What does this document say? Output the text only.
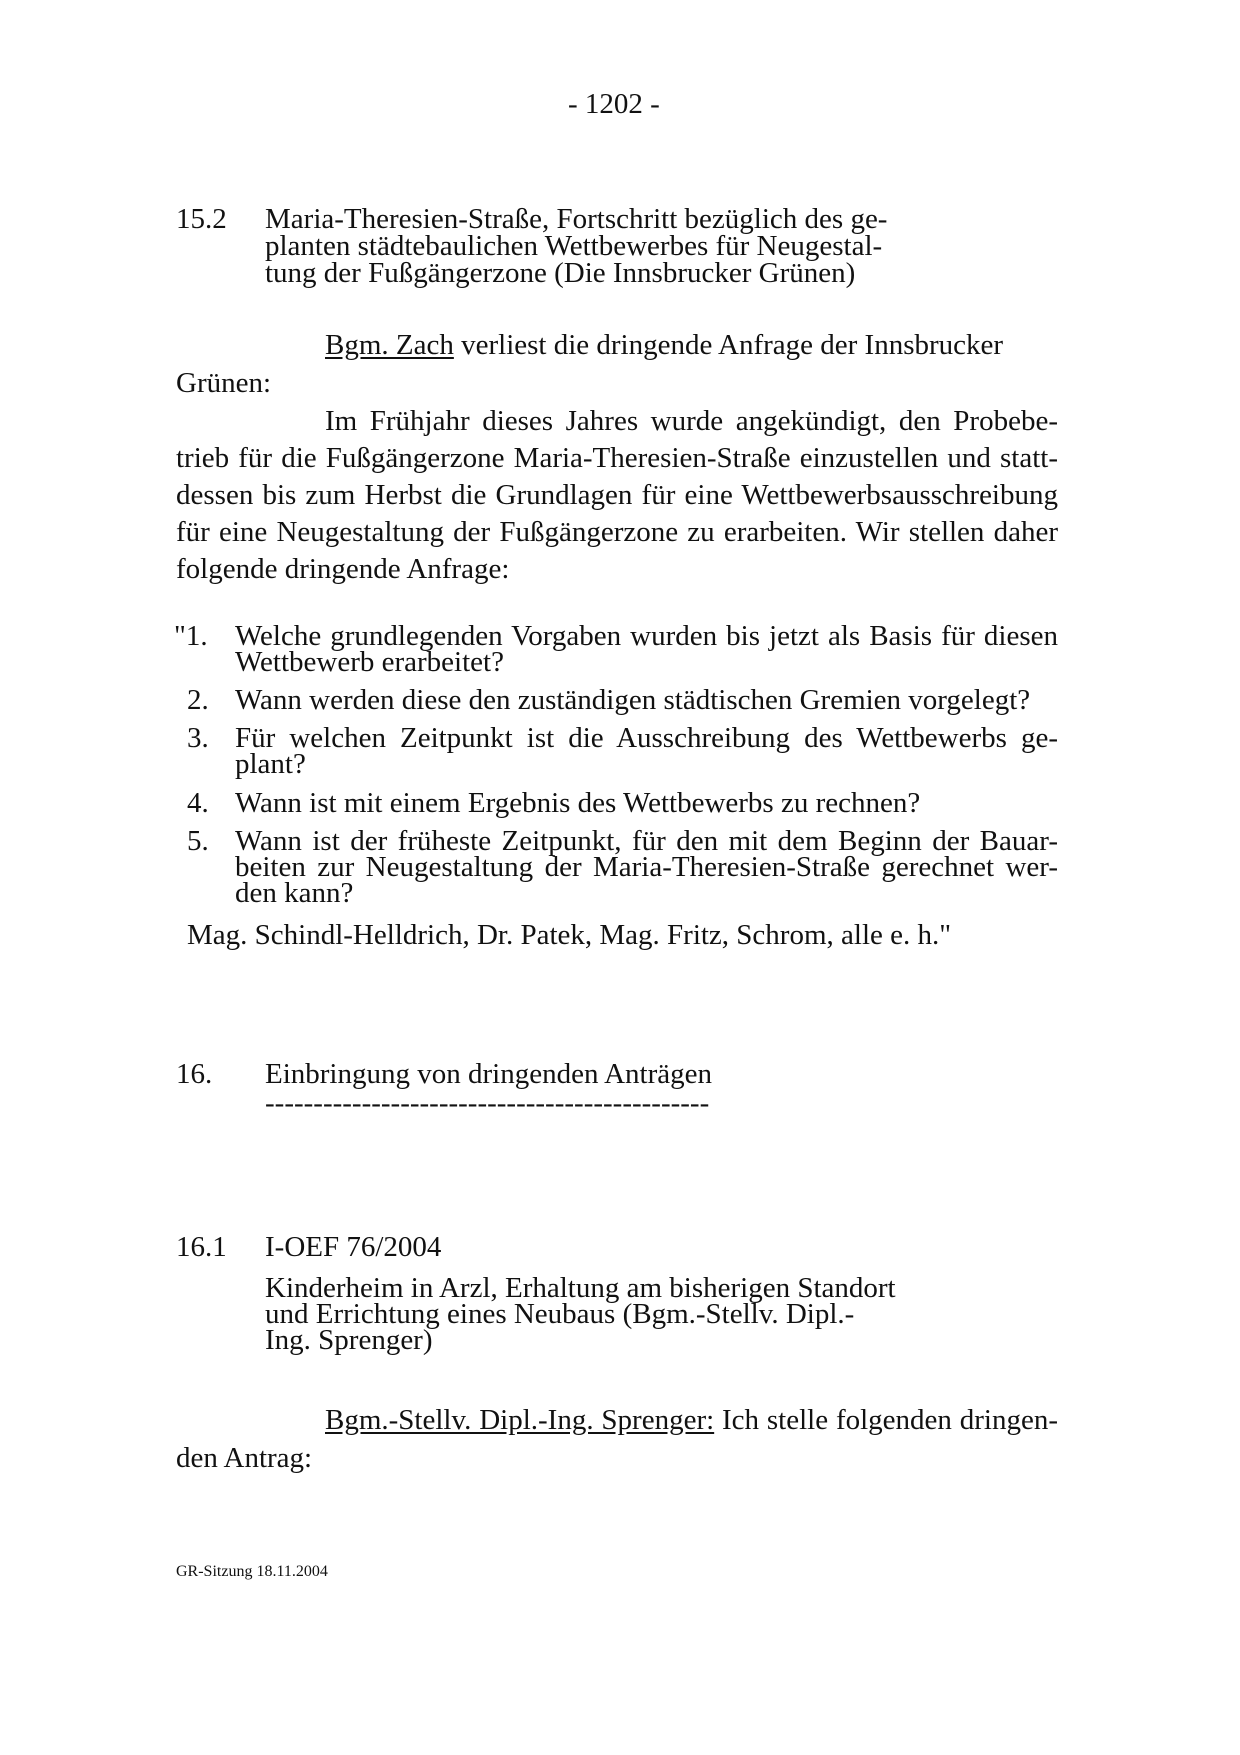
- 1202 -
15.2 Maria-Theresien-Straße, Fortschritt bezüglich des ge-
planten städtebaulichen Wettbewerbes für Neugestal-
tung der Fußgängerzone (Die Innsbrucker Grünen)
Bgm. Zach verliest die dringende Anfrage der Innsbrucker
Grünen:
Im Frühjahr dieses Jahres wurde angekündigt, den Probebe-
trieb für die Fußgängerzone Maria-Theresien-Straße einzustellen und statt-
dessen bis zum Herbst die Grundlagen für eine Wettbewerbsausschreibung
für eine Neugestaltung der Fußgängerzone zu erarbeiten. Wir stellen daher
folgende dringende Anfrage:
"1. Welche grundlegenden Vorgaben wurden bis jetzt als Basis für diesen
Wettbewerb erarbeitet?
2. Wann werden diese den zuständigen städtischen Gremien vorgelegt?
3. Für welchen Zeitpunkt ist die Ausschreibung des Wettbewerbs ge-
plant?
4. Wann ist mit einem Ergebnis des Wettbewerbs zu rechnen?
5. Wann ist der früheste Zeitpunkt, für den mit dem Beginn der Bauar-
beiten zur Neugestaltung der Maria-Theresien-Straße gerechnet wer-
den kann?
Mag. Schindl-Helldrich, Dr. Patek, Mag. Fritz, Schrom, alle e. h."
16. Einbringung von dringenden Anträgen
----------------------------------------------
16.1 I-OEF 76/2004
Kinderheim in Arzl, Erhaltung am bisherigen Standort
und Errichtung eines Neubaus (Bgm.-Stellv. Dipl.-
Ing. Sprenger)
Bgm.-Stellv. Dipl.-Ing. Sprenger: Ich stelle folgenden dringen-
den Antrag:
GR-Sitzung 18.11.2004
